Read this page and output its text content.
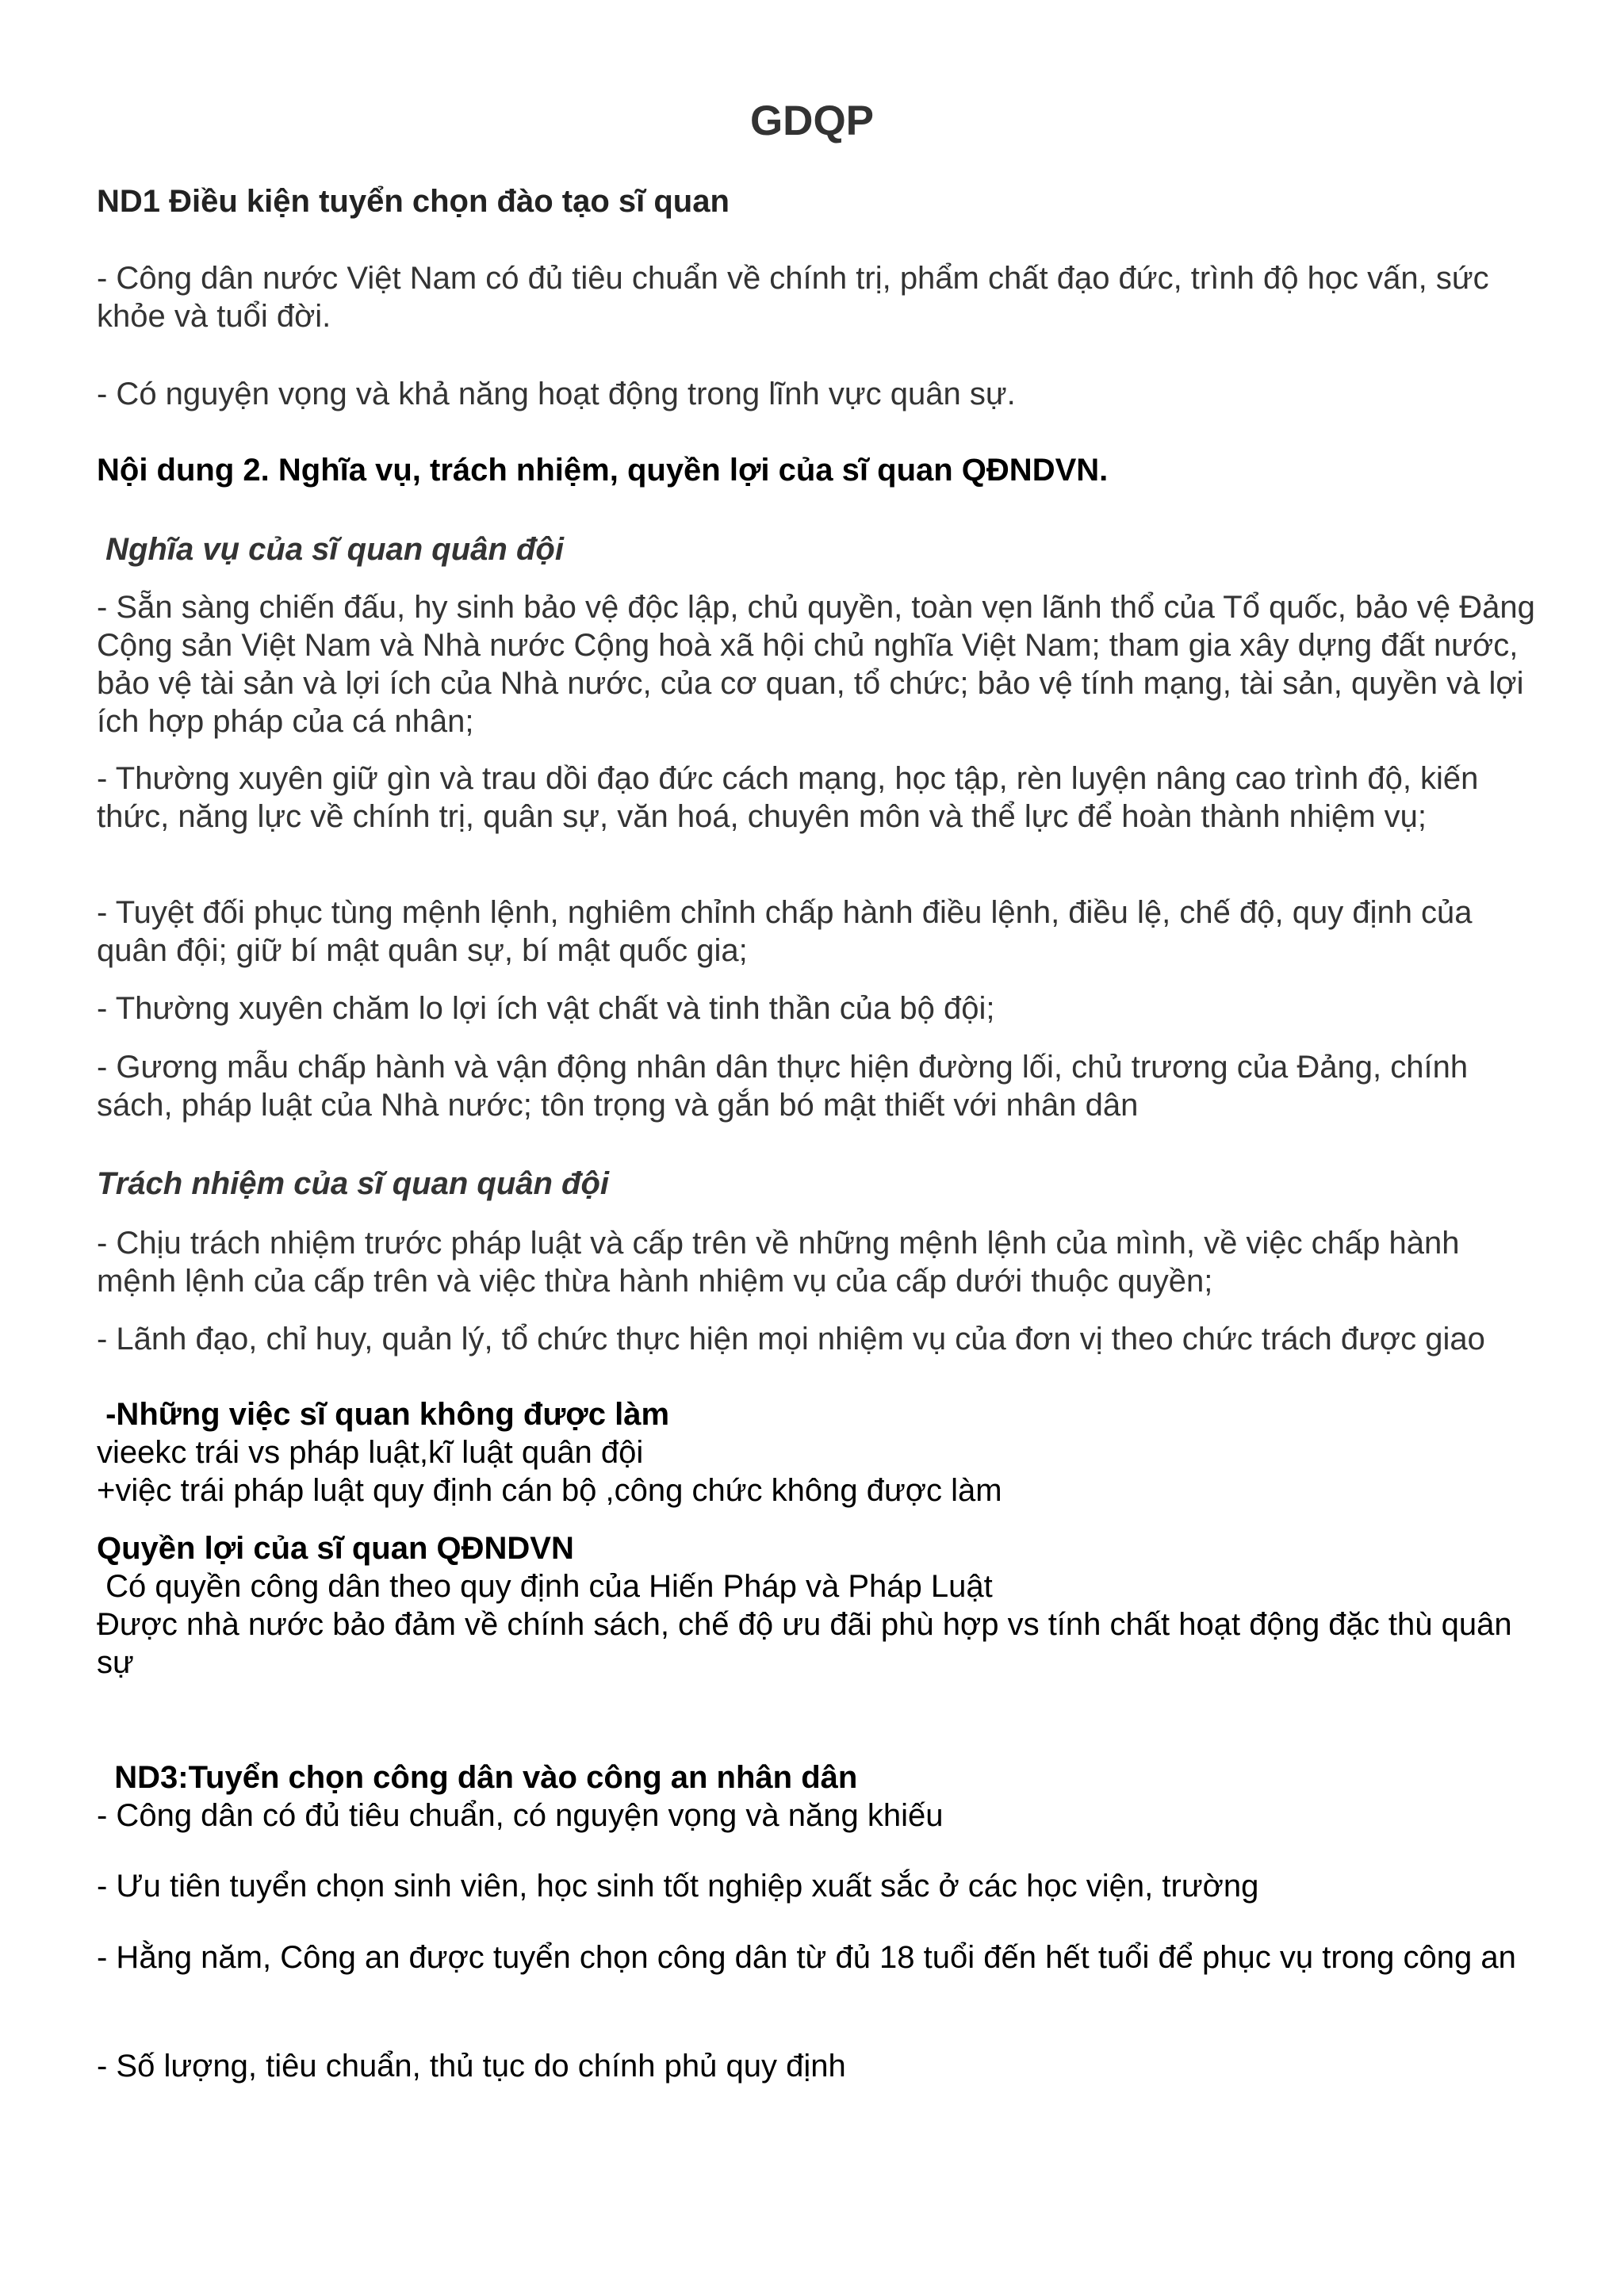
GDQP

ND1 Điều kiện tuyển chọn đào tạo sĩ quan

- Công dân nước Việt Nam có đủ tiêu chuẩn về chính trị, phẩm chất đạo đức, trình độ học vấn, sức khỏe và tuổi đời.

- Có nguyện vọng và khả năng hoạt động trong lĩnh vực quân sự.

Nội dung 2. Nghĩa vụ, trách nhiệm, quyền lợi của sĩ quan QĐNDVN.

Nghĩa vụ của sĩ quan quân đội

- Sẵn sàng chiến đấu, hy sinh bảo vệ độc lập, chủ quyền, toàn vẹn lãnh thổ của Tổ quốc, bảo vệ Đảng Cộng sản Việt Nam và Nhà nước Cộng hoà xã hội chủ nghĩa Việt Nam; tham gia xây dựng đất nước, bảo vệ tài sản và lợi ích của Nhà nước, của cơ quan, tổ chức; bảo vệ tính mạng, tài sản, quyền và lợi ích hợp pháp của cá nhân;

- Thường xuyên giữ gìn và trau dồi đạo đức cách mạng, học tập, rèn luyện nâng cao trình độ, kiến thức, năng lực về chính trị, quân sự, văn hoá, chuyên môn và thể lực để hoàn thành nhiệm vụ;

- Tuyệt đối phục tùng mệnh lệnh, nghiêm chỉnh chấp hành điều lệnh, điều lệ, chế độ, quy định của quân đội; giữ bí mật quân sự, bí mật quốc gia;

- Thường xuyên chăm lo lợi ích vật chất và tinh thần của bộ đội;

- Gương mẫu chấp hành và vận động nhân dân thực hiện đường lối, chủ trương của Đảng, chính sách, pháp luật của Nhà nước; tôn trọng và gắn bó mật thiết với nhân dân

Trách nhiệm của sĩ quan quân đội

- Chịu trách nhiệm trước pháp luật và cấp trên về những mệnh lệnh của mình, về việc chấp hành mệnh lệnh của cấp trên và việc thừa hành nhiệm vụ của cấp dưới thuộc quyền;

- Lãnh đạo, chỉ huy, quản lý, tổ chức thực hiện mọi nhiệm vụ của đơn vị theo chức trách được giao

-Những việc sĩ quan không được làm

vieekc trái vs pháp luật,kĩ luật quân đội

+việc trái pháp luật quy định cán bộ ,công chức không được làm

Quyền lợi của sĩ quan QĐNDVN

Có quyền công dân theo quy định của Hiến Pháp và Pháp Luật

Được nhà nước bảo đảm về chính sách, chế độ ưu đãi phù hợp vs tính chất hoạt động đặc thù quân sự

ND3:Tuyển chọn công dân vào công an nhân dân

- Công dân có đủ tiêu chuẩn, có nguyện vọng và năng khiếu

- Ưu tiên tuyển chọn sinh viên, học sinh tốt nghiệp xuất sắc ở các học viện, trường

- Hằng năm, Công an được tuyển chọn công dân từ đủ 18 tuổi đến hết tuổi để phục vụ trong công an

- Số lượng, tiêu chuẩn, thủ tục do chính phủ quy định
